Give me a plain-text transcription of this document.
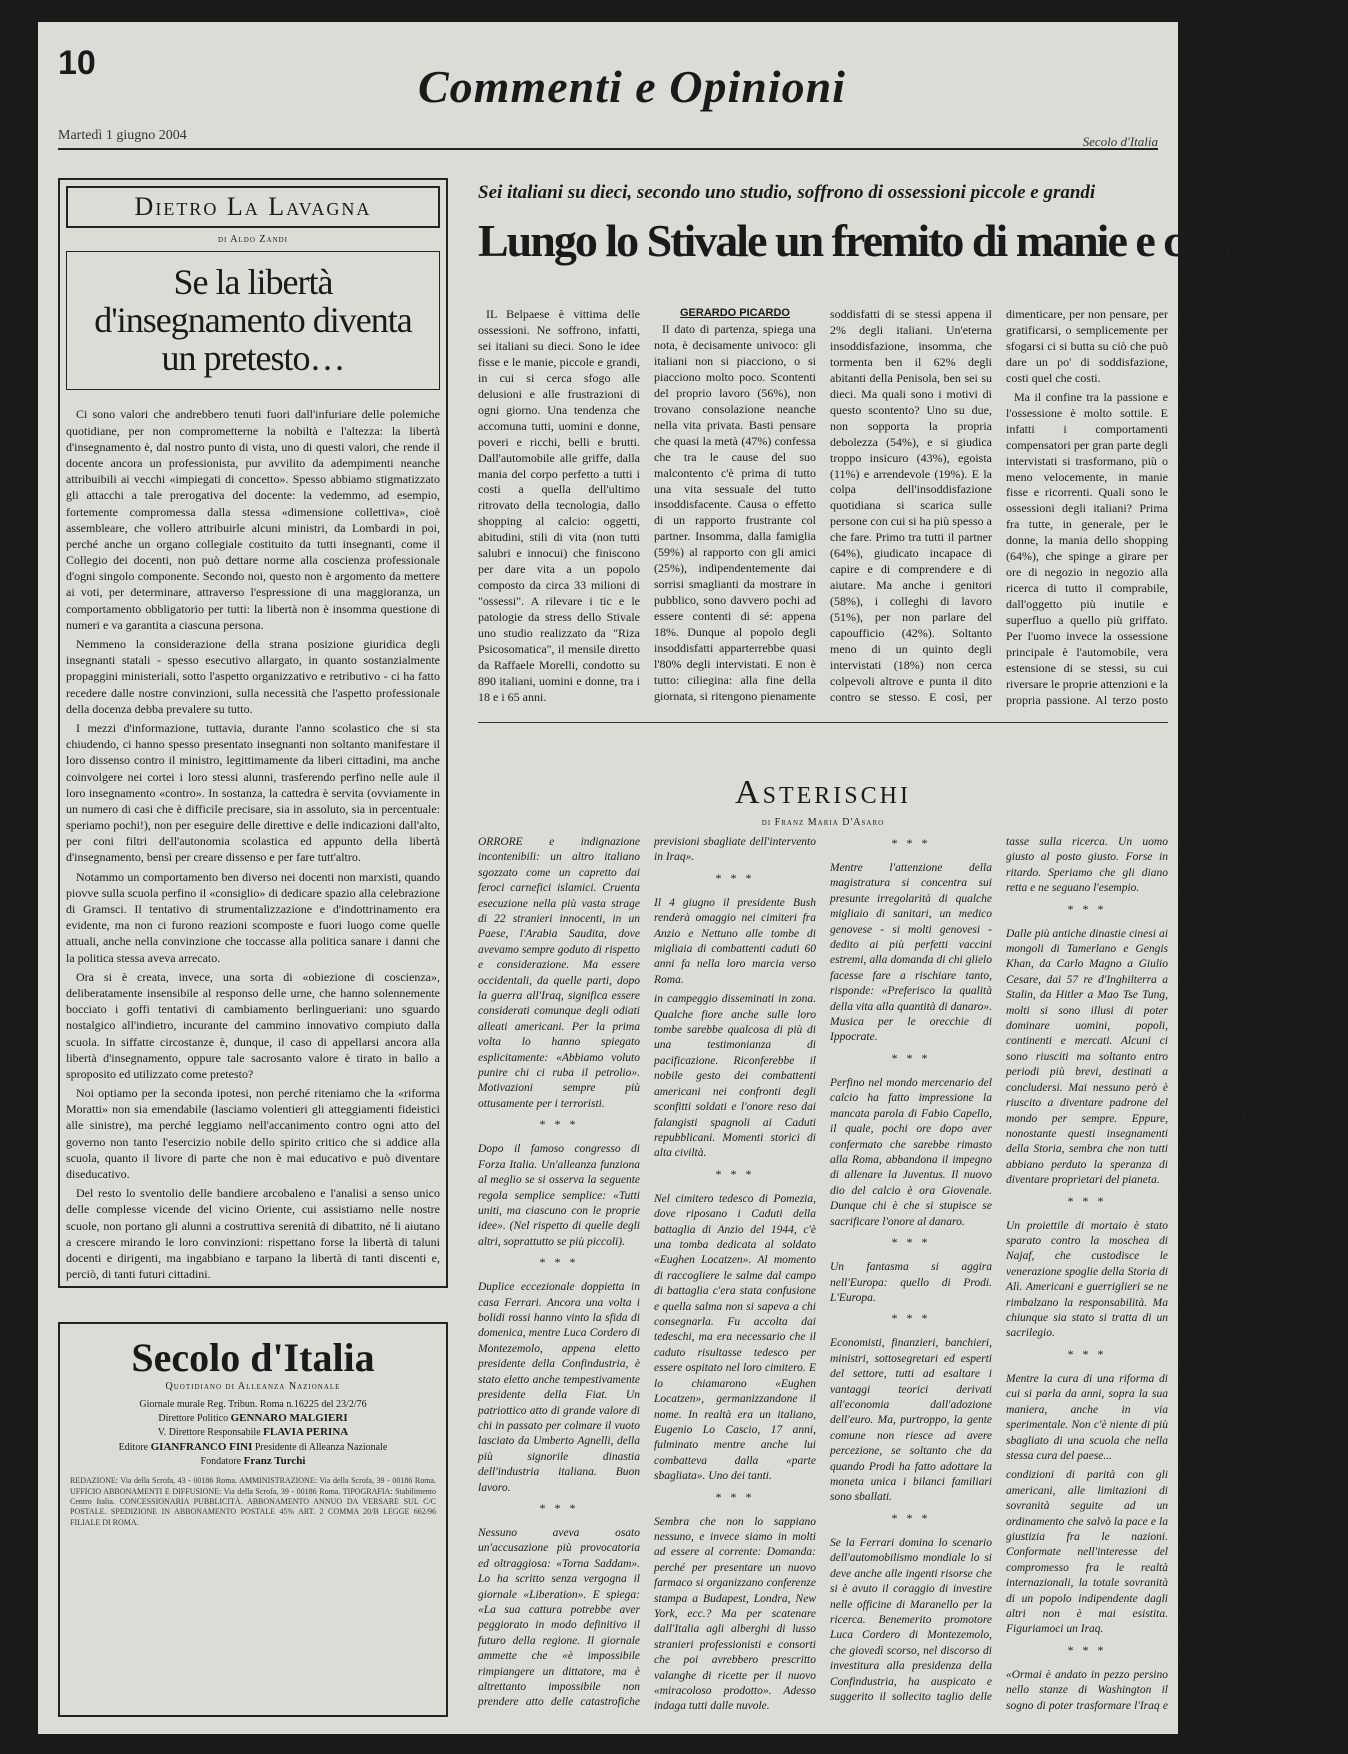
10	Commenti e Opinioni
Martedì 1 giugno 2004	Secolo d'Italia
Dietro La Lavagna
di Aldo Zandi
Se la libertà d'insegnamento diventa un pretesto…

Ci sono valori che andrebbero tenuti fuori dall'infuriare delle polemiche quotidiane, per non comprometterne la nobiltà e l'altezza: la libertà d'insegnamento è, dal nostro punto di vista, uno di questi valori, che rende il docente ancora un professionista, pur avvilito da adempimenti neanche attribuibili ai vecchi «impiegati di concetto». Spesso abbiamo stigmatizzato gli attacchi a tale prerogativa del docente: la vedemmo, ad esempio, fortemente compromessa dalla stessa «dimensione collettiva», cioè assembleare, che vollero attribuirle alcuni ministri, da Lombardi in poi, perché anche un organo collegiale costituito da tutti insegnanti, come il Collegio dei docenti, non può dettare norme alla coscienza professionale d'ogni singolo componente. Secondo noi, questo non è argomento da mettere ai voti, per determinare, attraverso l'espressione di una maggioranza, un comportamento obbligatorio per tutti: la libertà non è insomma questione di numeri e va garantita a ciascuna persona.

Nemmeno la considerazione della strana posizione giuridica degli insegnanti statali - spesso esecutivo allargato, in quanto sostanzialmente propaggini ministeriali, sotto l'aspetto organizzativo e retributivo - ci ha fatto recedere dalle nostre convinzioni, sulla necessità che l'aspetto professionale della docenza debba prevalere su tutto.

I mezzi d'informazione, tuttavia, durante l'anno scolastico che si sta chiudendo, ci hanno spesso presentato insegnanti non soltanto manifestare il loro dissenso contro il ministro, legittimamente da liberi cittadini, ma anche coinvolgere nei cortei i loro stessi alunni, trasferendo perfino nelle aule il loro insegnamento «contro». In sostanza, la cattedra è servita (ovviamente in un numero di casi che è difficile precisare, sia in assoluto, sia in percentuale: speriamo pochi!), non per eseguire delle direttive e delle indicazioni dall'alto, per coni filtri dell'autonomia scolastica ed appunto della libertà d'insegnamento, bensì per creare dissenso e per fare tutt'altro.

Notammo un comportamento ben diverso nei docenti non marxisti, quando piovve sulla scuola perfino il «consiglio» di dedicare spazio alla celebrazione di Gramsci. Il tentativo di strumentalizzazione e d'indottrinamento era evidente, ma non ci furono reazioni scomposte e fuori luogo come quelle attuali, anche nella convinzione che toccasse alla politica sanare i danni che la politica stessa aveva arrecato.

Ora si è creata, invece, una sorta di «obiezione di coscienza», deliberatamente insensibile al responso delle urne, che hanno solennemente bocciato i goffi tentativi di cambiamento berlingueriani: uno sguardo nostalgico all'indietro, incurante del cammino innovativo compiuto dalla scuola. In siffatte circostanze è, dunque, il caso di appellarsi ancora alla libertà d'insegnamento, oppure tale sacrosanto valore è tirato in ballo a sproposito ed utilizzato come pretesto?

Noi optiamo per la seconda ipotesi, non perché riteniamo che la «riforma Moratti» non sia emendabile (lasciamo volentieri gli atteggiamenti fideistici alle sinistre), ma perché leggiamo nell'accanimento contro ogni atto del governo non tanto l'esercizio nobile dello spirito critico che si addice alla scuola, quanto il livore di parte che non è mai educativo e può diventare diseducativo.

Del resto lo sventolio delle bandiere arcobaleno e l'analisi a senso unico delle complesse vicende del vicino Oriente, cui assistiamo nelle nostre scuole, non portano gli alunni a costruttiva serenità di dibattito, né li aiutano a crescere mirando le loro convinzioni: rispettano forse la libertà di taluni docenti e dirigenti, ma ingabbiano e tarpano la libertà di tanti discenti e, perciò, di tanti futuri cittadini.

Secolo d'Italia
Quotidiano di Alleanza Nazionale
Giornale murale Reg. Tribun. Roma n.16225 del 23/2/76
Direttore Politico GENNARO MALGIERI
V. Direttore Responsabile FLAVIA PERINA
Editore GIANFRANCO FINI Presidente di Alleanza Nazionale
Fondatore Franz Turchi
REDAZIONE: Via della Scrofa, 43 - 00186 Roma. AMMINISTRAZIONE: Via della Scrofa, 39 - 00186 Roma. UFFICIO ABBONAMENTI E DIFFUSIONE: Via della Scrofa, 39 - 00186 Roma. TIPOGRAFIA: Stabilimento Centro Italia. CONCESSIONARIA PUBBLICITÀ. ABBONAMENTO ANNUO DA VERSARE SUL C/C POSTALE. SPEDIZIONE IN ABBONAMENTO POSTALE 45% ART. 2 COMMA 20/B LEGGE 662/96 FILIALE DI ROMA.
Sei italiani su dieci, secondo uno studio, soffrono di ossessioni piccole e grandi
Lungo lo Stivale un fremito di manie e chiodi fissi

IL Belpaese è vittima delle ossessioni. Ne soffrono, infatti, sei italiani su dieci. Sono le idee fisse e le manie, piccole e grandi, in cui si cerca sfogo alle delusioni e alle frustrazioni di ogni giorno. Una tendenza che accomuna tutti, uomini e donne, poveri e ricchi, belli e brutti. Dall'automobile alle griffe, dalla mania del corpo perfetto a tutti i costi a quella dell'ultimo ritrovato della tecnologia, dallo shopping al calcio: oggetti, abitudini, stili di vita (non tutti salubri e innocui) che finiscono per dare vita a un popolo composto da circa 33 milioni di "ossessi". A rilevare i tic e le patologie da stress dello Stivale uno studio realizzato da "Riza Psicosomatica", il mensile diretto da Raffaele Morelli, condotto su 890 italiani, uomini e donne, tra i 18 e i 65 anni.

GERARDO PICARDO

Il dato di partenza, spiega una nota, è decisamente univoco: gli italiani non si piacciono, o si piacciono molto poco. Scontenti del proprio lavoro (56%), non trovano consolazione neanche nella vita privata. Basti pensare che quasi la metà (47%) confessa che tra le cause del suo malcontento c'è prima di tutto una vita sessuale del tutto insoddisfacente. Causa o effetto di un rapporto frustrante col partner. Insomma, dalla famiglia (59%) al rapporto con gli amici (25%), indipendentemente dai sorrisi smaglianti da mostrare in pubblico, sono davvero pochi ad essere contenti di sé: appena 18%. Dunque al popolo degli insoddisfatti apparterrebbe quasi l'80% degli intervistati. E non è tutto: ciliegina: alla fine della giornata, si ritengono pienamente soddisfatti di se stessi appena il 2% degli italiani. Un'eterna insoddisfazione, insomma, che tormenta ben il 62% degli abitanti della Penisola, ben sei su dieci. Ma quali sono i motivi di questo scontento? Uno su due, non sopporta la propria debolezza (54%), e si giudica troppo insicuro (43%), egoista (11%) e arrendevole (19%). E la colpa dell'insoddisfazione quotidiana si scarica sulle persone con cui si ha più spesso a che fare. Primo tra tutti il partner (64%), giudicato incapace di capire e di comprendere e di aiutare. Ma anche i genitori (58%), i colleghi di lavoro (51%), per non parlare del capoufficio (42%). Soltanto meno di un quinto degli intervistati (18%) non cerca colpevoli altrove e punta il dito contro se stesso. E così, per dimenticare, per non pensare, per gratificarsi, o semplicemente per sfogarsi ci si butta su ciò che può dare un po' di soddisfazione, costi quel che costi.

Ma il confine tra la passione e l'ossessione è molto sottile. E infatti i comportamenti compensatori per gran parte degli intervistati si trasformano, più o meno velocemente, in manie fisse e ricorrenti. Quali sono le ossessioni degli italiani? Prima fra tutte, in generale, per le donne, la mania dello shopping (64%), che spinge a girare per ore di negozio in negozio alla ricerca di tutto il comprabile, dall'oggetto più inutile e superfluo a quello più griffato. Per l'uomo invece la ossessione principale è l'automobile, vera estensione di se stessi, su cui riversare le proprie attenzioni e la propria passione. Al terzo posto delle idee fisse, soprattutto in vista dell'estate, c'è la dieta, insieme alla cura del corpo e della propria bellezza: per molte donne il mantenersi in forma a tutti i costi (34%), mentre tra gli uomini c'è il calcio, vissuto come una vera e propria fede. E chi ne è vittima rischia di trascurare la famiglia, il lavoro, la propria salute. Poi ci sono le ossessioni legate al lavoro (27%) e quelle legate alle nuove tecnologie (21%): dal telefonino ultimo modello al nuovo computer.

Asterischi
di Franz Maria D'Asaro

ORRORE e indignazione incontenibili: un altro italiano sgozzato come un capretto dai feroci carnefici islamici. Cruenta esecuzione nella più vasta strage di 22 stranieri innocenti, in un Paese, l'Arabia Saudita, dove avevamo sempre goduto di rispetto e considerazione. Ma essere occidentali, da quelle parti, dopo la guerra all'Iraq, significa essere considerati comunque degli odiati alleati americani. Per la prima volta lo hanno spiegato esplicitamente: «Abbiamo voluto punire chi ci ruba il petrolio». Motivazioni sempre più ottusamente per i terroristi.

* * *

Dopo il famoso congresso di Forza Italia. Un'alleanza funziona al meglio se si osserva la seguente regola semplice semplice: «Tutti uniti, ma ciascuno con le proprie idee». (Nel rispetto di quelle degli altri, soprattutto se più piccoli).

* * *

Duplice eccezionale doppietta in casa Ferrari. Ancora una volta i bolidi rossi hanno vinto la sfida di domenica, mentre Luca Cordero di Montezemolo, appena eletto presidente della Confindustria, è stato eletto anche tempestivamente presidente della Fiat. Un patriottico atto di grande valore di chi in passato per colmare il vuoto lasciato da Umberto Agnelli, della più signorile dinastia dell'industria italiana. Buon lavoro.

* * *

Nessuno aveva osato un'accusazione più provocatoria ed oltraggiosa: «Torna Saddam». Lo ha scritto senza vergogna il giornale «Liberation». E spiega: «La sua cattura potrebbe aver peggiorato in modo definitivo il futuro della regione. Il giornale ammette che «è impossibile rimpiangere un dittatore, ma è altrettanto impossibile non prendere atto delle catastrofiche previsioni sbagliate dell'intervento in Iraq».

* * *

Il 4 giugno il presidente Bush renderà omaggio nei cimiteri fra Anzio e Nettuno alle tombe di migliaia di combattenti caduti 60 anni fa nella loro marcia verso Roma.

in campeggio disseminati in zona. Qualche fiore anche sulle loro tombe sarebbe qualcosa di più di una testimonianza di pacificazione. Riconferebbe il nobile gesto dei combattenti americani nei confronti degli sconfitti soldati e l'onore reso dai falangisti spagnoli ai Caduti repubblicani. Momenti storici di alta civiltà.

* * *

Nel cimitero tedesco di Pomezia, dove riposano i Caduti della battaglia di Anzio del 1944, c'è una tomba dedicata al soldato «Eughen Locatzen». Al momento di raccogliere le salme dal campo di battaglia c'era stata confusione e quella salma non si sapeva a chi consegnarla. Fu accolta dai tedeschi, ma era necessario che il caduto risultasse tedesco per essere ospitato nel loro cimitero. E lo chiamarono «Eughen Locatzen», germanizzandone il nome. In realtà era un italiano, Eugenio Lo Cascio, 17 anni, fulminato mentre anche lui combatteva dalla «parte sbagliata». Uno dei tanti.

* * *

Sembra che non lo sappiano nessuno, e invece siamo in molti ad essere al corrente: Domanda: perché per presentare un nuovo farmaco si organizzano conferenze stampa a Budapest, Londra, New York, ecc.? Ma per scatenare dall'Italia agli alberghi di lusso stranieri professionisti e consorti che poi avrebbero prescritto valanghe di ricette per il nuovo «miracoloso prodotto». Adesso indaga tutti dalle nuvole.

* * *

Mentre l'attenzione della magistratura si concentra sui presunte irregolarità di qualche migliaio di sanitari, un medico genovese - si molti genovesi - dedito ai più perfetti vaccini estremi, alla domanda di chi glielo facesse fare a rischiare tanto, risponde: «Preferisco la qualità della vita alla quantità di danaro». Musica per le orecchie di Ippocrate.

* * *

Perfino nel mondo mercenario del calcio ha fatto impressione la mancata parola di Fabio Capello, il quale, pochi ore dopo aver confermato che sarebbe rimasto alla Roma, abbandona il impegno di allenare la Juventus. Il nuovo dio del calcio è ora Giovenale. Dunque chi è che si stupisce se sacrificare l'onore al danaro.

* * *

Un fantasma si aggira nell'Europa: quello di Prodi. L'Europa.

* * *

Economisti, finanzieri, banchieri, ministri, sottosegretari ed esperti del settore, tutti ad esaltare i vantaggi teorici derivati all'economia dall'adozione dell'euro. Ma, purtroppo, la gente comune non riesce ad avere percezione, se soltanto che da quando Prodi ha fatto adottare la moneta unica i bilanci familiari sono sballati.

* * *

Se la Ferrari domina lo scenario dell'automobilismo mondiale lo si deve anche alle ingenti risorse che si è avuto il coraggio di investire nelle officine di Maranello per la ricerca. Benemerito promotore Luca Cordero di Montezemolo, che giovedì scorso, nel discorso di investitura alla presidenza della Confindustria, ha auspicato e suggerito il sollecito taglio delle tasse sulla ricerca. Un uomo giusto al posto giusto. Forse in ritardo. Speriamo che gli diano retta e ne seguano l'esempio.

* * *

Dalle più antiche dinastie cinesi ai mongoli di Tamerlano e Gengis Khan, da Carlo Magno a Giulio Cesare, dai 57 re d'Inghilterra a Stalin, da Hitler a Mao Tse Tung, molti si sono illusi di poter dominare uomini, popoli, continenti e mercati. Alcuni ci sono riusciti ma soltanto entro periodi più brevi, destinati a concludersi. Mai nessuno però è riuscito a diventare padrone del mondo per sempre. Eppure, nonostante questi insegnamenti della Storia, sembra che non tutti abbiano perduto la speranza di diventare proprietari del pianeta.

* * *

Un proiettile di mortaio è stato sparato contro la moschea di Najaf, che custodisce le venerazione spoglie della Storia di Alì. Americani e guerriglieri se ne rimbalzano la responsabilità. Ma chiunque sia stato si tratta di un sacrilegio.

* * *

Mentre la cura di una riforma di cui si parla da anni, sopra la sua maniera, anche in via sperimentale. Non c'è niente di più sbagliato di una scuola che nella stessa cura del paese...

condizioni di parità con gli americani, alle limitazioni di sovranità seguite ad un ordinamento che salvò la pace e la giustizia fra le nazioni. Conformate nell'interesse del compromesso fra le realtà internazionali, la totale sovranità di un popolo indipendente dagli altri non è mai esistita. Figuriamoci un Iraq.

* * *

«Ormai è andato in pezzo persino nello stanze di Washington il sogno di poter trasformare l'Iraq e tutto il Medio Oriente in qualcosa di simile al Kansas» Paul Kennedy, docente di storia all'Università Yale.

* * *

«Chi è povero tra arabi: perché ha una cosa giusta, non per fare proprio il mercato». Woodrow Brandt, «L'Economist».

* * *

«La democrazia è in crisi. Da Europa a America». Mino Martinazzoli, ex ministro democristiano.

* * *

Antonio Di Pietro, ha avvertito lo sguardo strabismo. Come quello di chi guarda da un marciapiede a quello dell'altra parte. Cerca di strappare la carta come un brandello di cartello di moda. Nessuna novità.

* * *

Chi qualcosa che Berlusconi vuole possa soffrire più del prossimo. Non si sa. Per questo l'appello lanciato da Mauro Pollo manca un testimone.

* * *

Quarto anniversario della morte di Giorgio Almirante. L'apprezzamento del valore della lunga battaglia del segretario del Movimento sociale: dopo 1948 gli ha dato, con il bacio di comunità, per la campagna di speranze, Franco Maggioni ripercorso da Carmelo Palmieri dei figli d'Italia, sono il motivo della nuova serie di frequentazioni della Repubblica che ha retto una vecchia Chioggia, nella sua epoca, fino alla sua gloria. La passione e la personalità: sa pane, non tanto gioia, una grande amicizia di tutto.

Mentre il Berlusconi ha la sua posizione che ruota al suo interno, il popolo lo sosterrà nel suo lavoro politico quanto basta.
